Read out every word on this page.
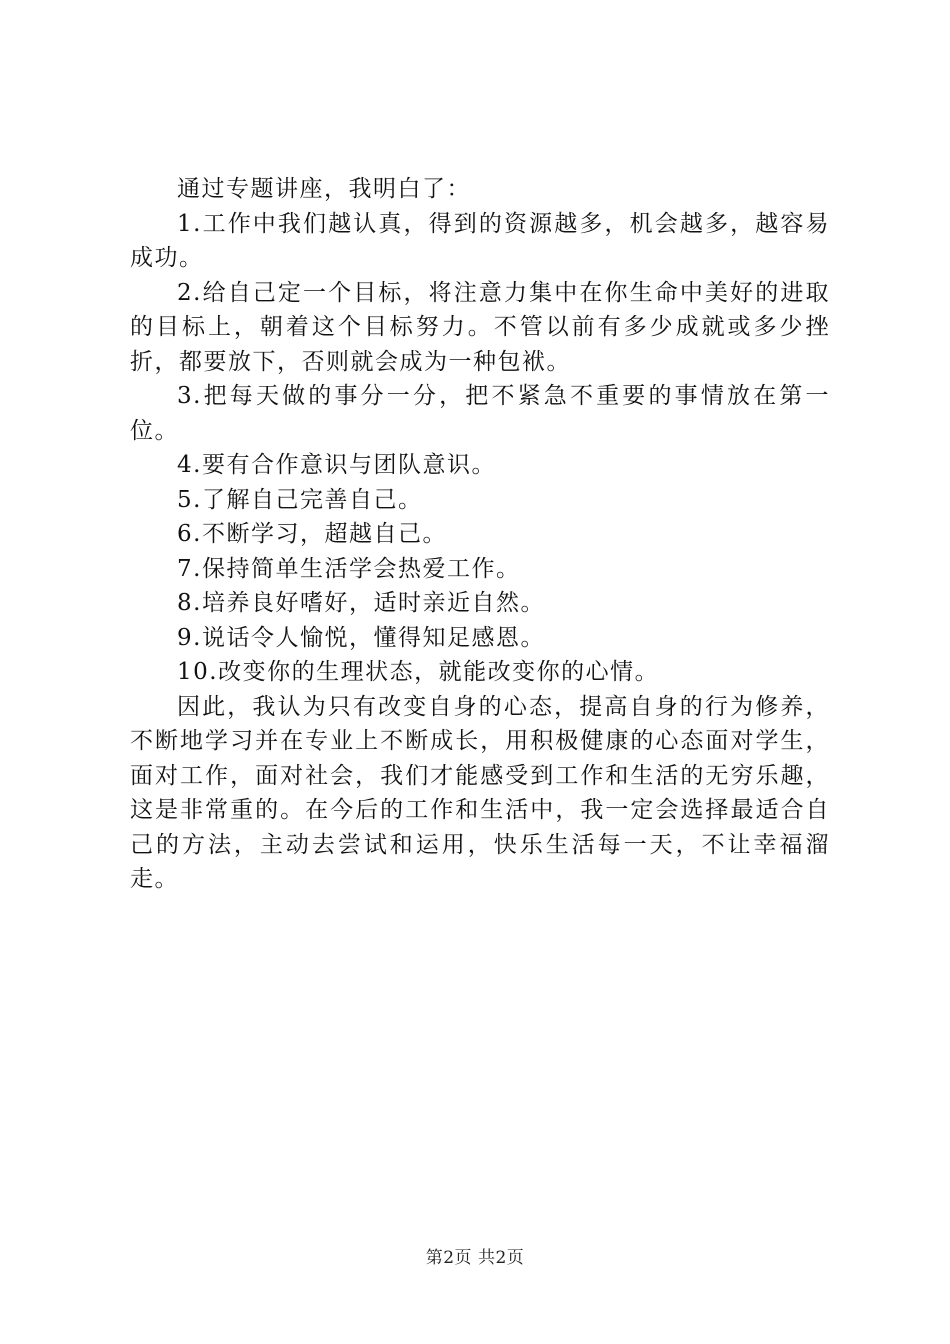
通过专题讲座，我明白了：

1.工作中我们越认真，得到的资源越多，机会越多，越容易成功。

2.给自己定一个目标，将注意力集中在你生命中美好的进取的目标上，朝着这个目标努力。不管以前有多少成就或多少挫折，都要放下，否则就会成为一种包袱。

3.把每天做的事分一分，把不紧急不重要的事情放在第一位。

4.要有合作意识与团队意识。

5.了解自己完善自己。

6.不断学习，超越自己。

7.保持简单生活学会热爱工作。

8.培养良好嗜好，适时亲近自然。

9.说话令人愉悦，懂得知足感恩。

10.改变你的生理状态，就能改变你的心情。

因此，我认为只有改变自身的心态，提高自身的行为修养，不断地学习并在专业上不断成长，用积极健康的心态面对学生，面对工作，面对社会，我们才能感受到工作和生活的无穷乐趣，这是非常重的。在今后的工作和生活中，我一定会选择最适合自己的方法，主动去尝试和运用，快乐生活每一天，不让幸福溜走。

第2页 共2页
